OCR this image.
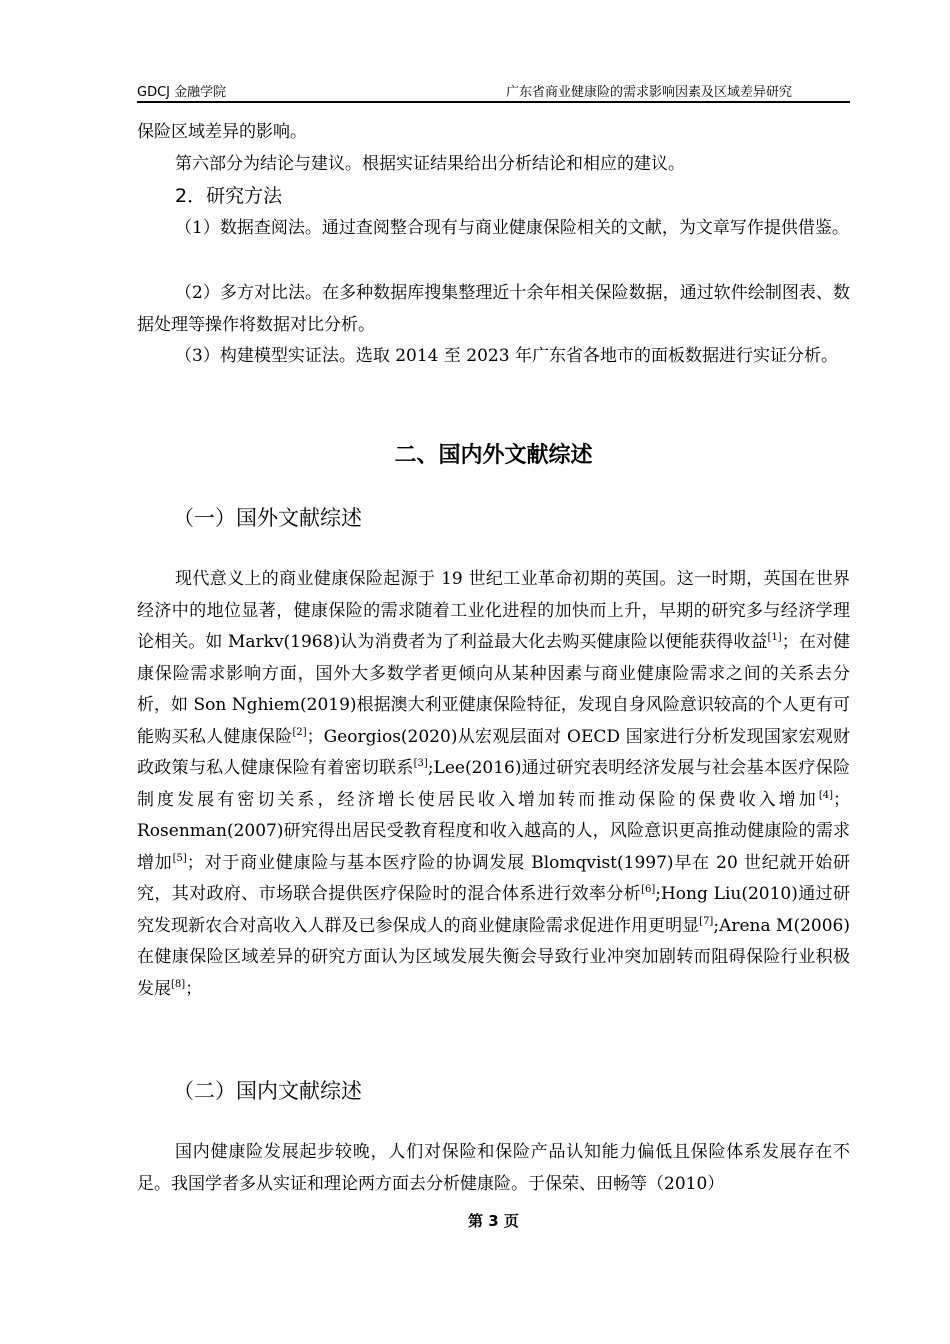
GDCJ 金融学院	广东省商业健康险的需求影响因素及区域差异研究

保险区域差异的影响。

第六部分为结论与建议。根据实证结果给出分析结论和相应的建议。

2．研究方法

（1）数据查阅法。通过查阅整合现有与商业健康保险相关的文献，为文章写作提供借鉴。

（2）多方对比法。在多种数据库搜集整理近十余年相关保险数据，通过软件绘制图表、数据处理等操作将数据对比分析。

（3）构建模型实证法。选取 2014 至 2023 年广东省各地市的面板数据进行实证分析。

二、国内外文献综述
（一）国外文献综述

现代意义上的商业健康保险起源于 19 世纪工业革命初期的英国。这一时期，英国在世界经济中的地位显著，健康保险的需求随着工业化进程的加快而上升，早期的研究多与经济学理论相关。如 Markv(1968)认为消费者为了利益最大化去购买健康险以便能获得收益[1]；在对健康保险需求影响方面，国外大多数学者更倾向从某种因素与商业健康险需求之间的关系去分析，如 Son Nghiem(2019)根据澳大利亚健康保险特征，发现自身风险意识较高的个人更有可能购买私人健康保险[2]；Georgios(2020)从宏观层面对 OECD 国家进行分析发现国家宏观财政政策与私人健康保险有着密切联系[3];Lee(2016)通过研究表明经济发展与社会基本医疗保险制度发展有密切关系，经济增长使居民收入增加转而推动保险的保费收入增加[4]；Rosenman(2007)研究得出居民受教育程度和收入越高的人，风险意识更高推动健康险的需求增加[5]；对于商业健康险与基本医疗险的协调发展 Blomqvist(1997)早在 20 世纪就开始研究，其对政府、市场联合提供医疗保险时的混合体系进行效率分析[6];Hong Liu(2010)通过研究发现新农合对高收入人群及已参保成人的商业健康险需求促进作用更明显[7];Arena M(2006)在健康保险区域差异的研究方面认为区域发展失衡会导致行业冲突加剧转而阻碍保险行业积极发展[8]；

（二）国内文献综述

国内健康险发展起步较晚，人们对保险和保险产品认知能力偏低且保险体系发展存在不足。我国学者多从实证和理论两方面去分析健康险。于保荣、田畅等（2010）

第 3 页
